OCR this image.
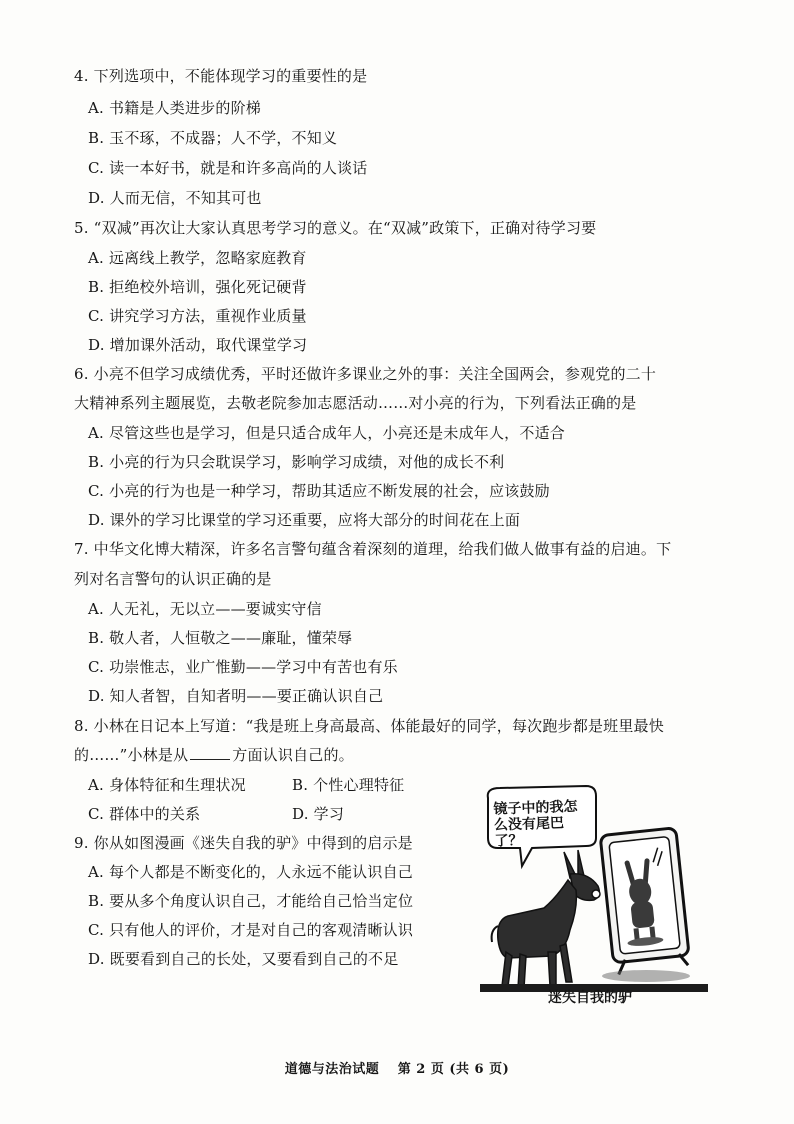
4. 下列选项中，不能体现学习的重要性的是
A. 书籍是人类进步的阶梯
B. 玉不琢，不成器；人不学，不知义
C. 读一本好书，就是和许多高尚的人谈话
D. 人而无信，不知其可也
5. “双减”再次让大家认真思考学习的意义。在“双减”政策下，正确对待学习要
A. 远离线上教学，忽略家庭教育
B. 拒绝校外培训，强化死记硬背
C. 讲究学习方法，重视作业质量
D. 增加课外活动，取代课堂学习
6. 小亮不但学习成绩优秀，平时还做许多课业之外的事：关注全国两会，参观党的二十
大精神系列主题展览，去敬老院参加志愿活动……对小亮的行为，下列看法正确的是
A. 尽管这些也是学习，但是只适合成年人，小亮还是未成年人，不适合
B. 小亮的行为只会耽误学习，影响学习成绩，对他的成长不利
C. 小亮的行为也是一种学习，帮助其适应不断发展的社会，应该鼓励
D. 课外的学习比课堂的学习还重要，应将大部分的时间花在上面
7. 中华文化博大精深，许多名言警句蕴含着深刻的道理，给我们做人做事有益的启迪。下
列对名言警句的认识正确的是
A. 人无礼，无以立——要诚实守信
B. 敬人者，人恒敬之——廉耻，懂荣辱
C. 功崇惟志，业广惟勤——学习中有苦也有乐
D. 知人者智，自知者明——要正确认识自己
8. 小林在日记本上写道：“我是班上身高最高、体能最好的同学，每次跑步都是班里最快
的……”小林是从	方面认识自己的。
A. 身体特征和生理状况	B. 个性心理特征
C. 群体中的关系	D. 学习
9. 你从如图漫画《迷失自我的驴》中得到的启示是
A. 每个人都是不断变化的，人永远不能认识自己
B. 要从多个角度认识自己，才能给自己恰当定位
C. 只有他人的评价，才是对自己的客观清晰认识
D. 既要看到自己的长处，又要看到自己的不足
镜子中的我怎么没有尾巴了？
迷失自我的驴
道德与法治试题　 第 2 页 (共 6 页)
